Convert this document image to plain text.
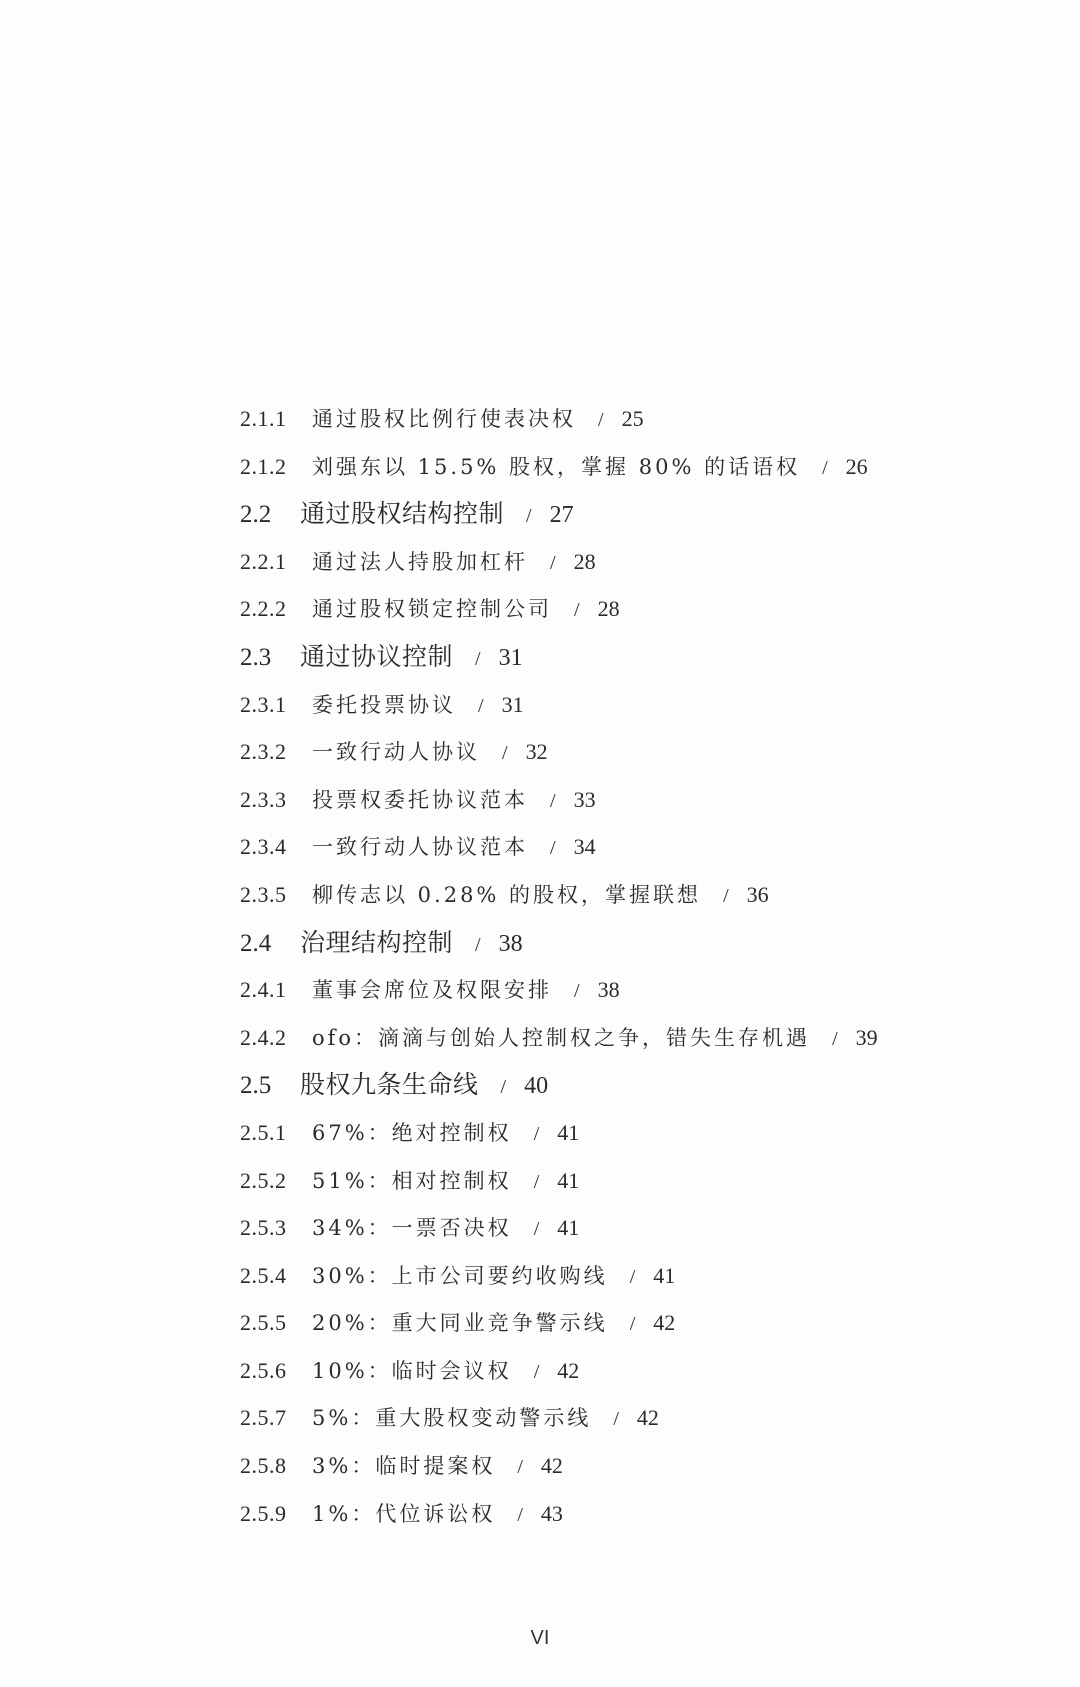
2.1.1 通过股权比例行使表决权 / 25
2.1.2 刘强东以 15.5% 股权，掌握 80% 的话语权 / 26
2.2 通过股权结构控制 / 27
2.2.1 通过法人持股加杠杆 / 28
2.2.2 通过股权锁定控制公司 / 28
2.3 通过协议控制 / 31
2.3.1 委托投票协议 / 31
2.3.2 一致行动人协议 / 32
2.3.3 投票权委托协议范本 / 33
2.3.4 一致行动人协议范本 / 34
2.3.5 柳传志以 0.28% 的股权，掌握联想 / 36
2.4 治理结构控制 / 38
2.4.1 董事会席位及权限安排 / 38
2.4.2 ofo：滴滴与创始人控制权之争，错失生存机遇 / 39
2.5 股权九条生命线 / 40
2.5.1 67%：绝对控制权 / 41
2.5.2 51%：相对控制权 / 41
2.5.3 34%：一票否决权 / 41
2.5.4 30%：上市公司要约收购线 / 41
2.5.5 20%：重大同业竞争警示线 / 42
2.5.6 10%：临时会议权 / 42
2.5.7 5%：重大股权变动警示线 / 42
2.5.8 3%：临时提案权 / 42
2.5.9 1%：代位诉讼权 / 43
VI
